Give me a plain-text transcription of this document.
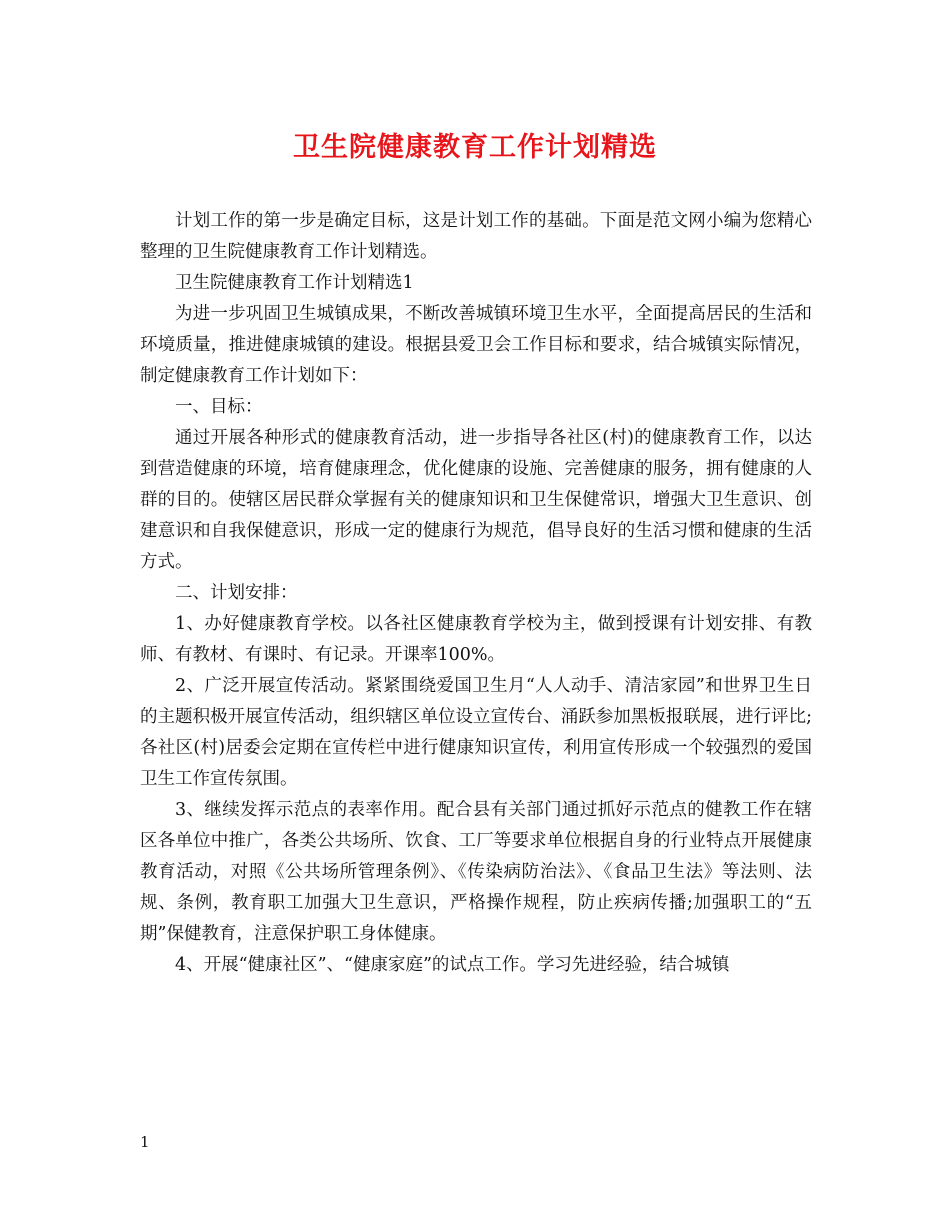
卫生院健康教育工作计划精选

计划工作的第一步是确定目标，这是计划工作的基础。下面是范文网小编为您精心整理的卫生院健康教育工作计划精选。

卫生院健康教育工作计划精选1

为进一步巩固卫生城镇成果，不断改善城镇环境卫生水平，全面提高居民的生活和环境质量，推进健康城镇的建设。根据县爱卫会工作目标和要求，结合城镇实际情况，制定健康教育工作计划如下：

一、目标：

通过开展各种形式的健康教育活动，进一步指导各社区(村)的健康教育工作，以达到营造健康的环境，培育健康理念，优化健康的设施、完善健康的服务，拥有健康的人群的目的。使辖区居民群众掌握有关的健康知识和卫生保健常识，增强大卫生意识、创建意识和自我保健意识，形成一定的健康行为规范，倡导良好的生活习惯和健康的生活方式。

二、计划安排：

1、办好健康教育学校。以各社区健康教育学校为主，做到授课有计划安排、有教师、有教材、有课时、有记录。开课率100%。

2、广泛开展宣传活动。紧紧围绕爱国卫生月“人人动手、清洁家园”和世界卫生日的主题积极开展宣传活动，组织辖区单位设立宣传台、涌跃参加黑板报联展，进行评比;各社区(村)居委会定期在宣传栏中进行健康知识宣传，利用宣传形成一个较强烈的爱国卫生工作宣传氛围。

3、继续发挥示范点的表率作用。配合县有关部门通过抓好示范点的健教工作在辖区各单位中推广，各类公共场所、饮食、工厂等要求单位根据自身的行业特点开展健康教育活动，对照《公共场所管理条例》、《传染病防治法》、《食品卫生法》等法则、法规、条例，教育职工加强大卫生意识，严格操作规程，防止疾病传播;加强职工的“五期”保健教育，注意保护职工身体健康。

4、开展“健康社区”、“健康家庭”的试点工作。学习先进经验，结合城镇

1
